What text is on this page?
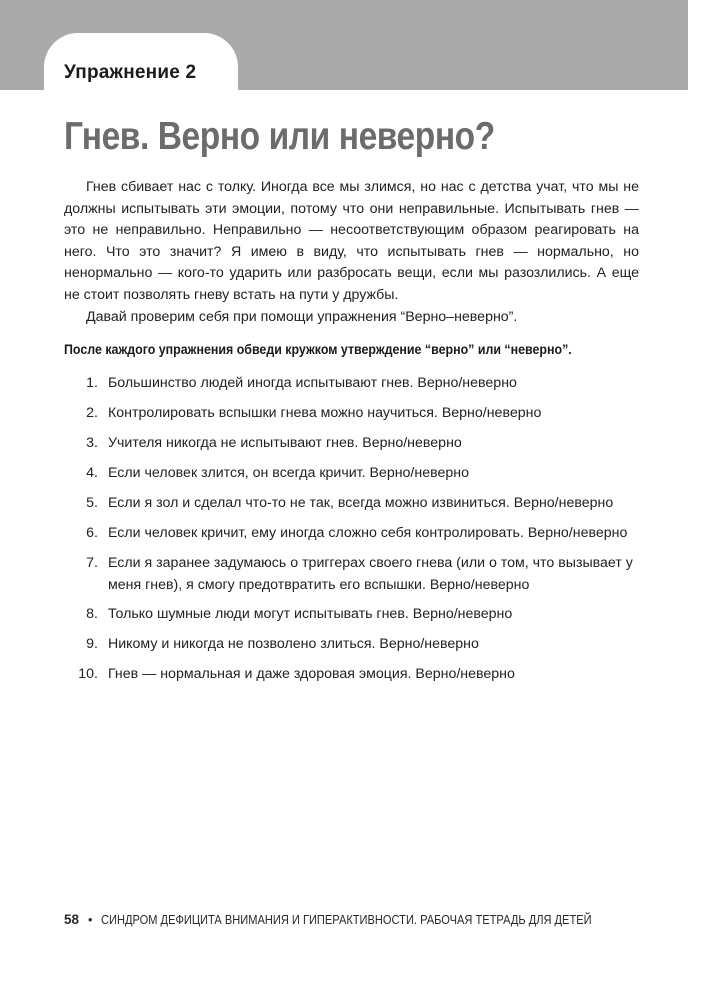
Упражнение 2
Гнев. Верно или неверно?

Гнев сбивает нас с толку. Иногда все мы злимся, но нас с детства учат, что мы не должны испытывать эти эмоции, потому что они неправильные. Испытывать гнев — это не неправильно. Неправильно — несоответствующим образом реагировать на него. Что это значит? Я имею в виду, что испытывать гнев — нормально, но ненормально — кого-то ударить или разбросать вещи, если мы разозлились. А еще не стоит позволять гневу встать на пути у дружбы.

Давай проверим себя при помощи упражнения “Верно–неверно”.

После каждого упражнения обведи кружком утверждение “верно” или “неверно”.
1. Большинство людей иногда испытывают гнев. Верно/неверно
2. Контролировать вспышки гнева можно научиться. Верно/неверно
3. Учителя никогда не испытывают гнев. Верно/неверно
4. Если человек злится, он всегда кричит. Верно/неверно
5. Если я зол и сделал что-то не так, всегда можно извиниться. Верно/неверно
6. Если человек кричит, ему иногда сложно себя контролировать. Верно/неверно
7. Если я заранее задумаюсь о триггерах своего гнева (или о том, что вызывает у меня гнев), я смогу предотвратить его вспышки. Верно/неверно
8. Только шумные люди могут испытывать гнев. Верно/неверно
9. Никому и никогда не позволено злиться. Верно/неверно
10. Гнев — нормальная и даже здоровая эмоция. Верно/неверно
58 • СИНДРОМ ДЕФИЦИТА ВНИМАНИЯ И ГИПЕРАКТИВНОСТИ. РАБОЧАЯ ТЕТРАДЬ ДЛЯ ДЕТЕЙ
